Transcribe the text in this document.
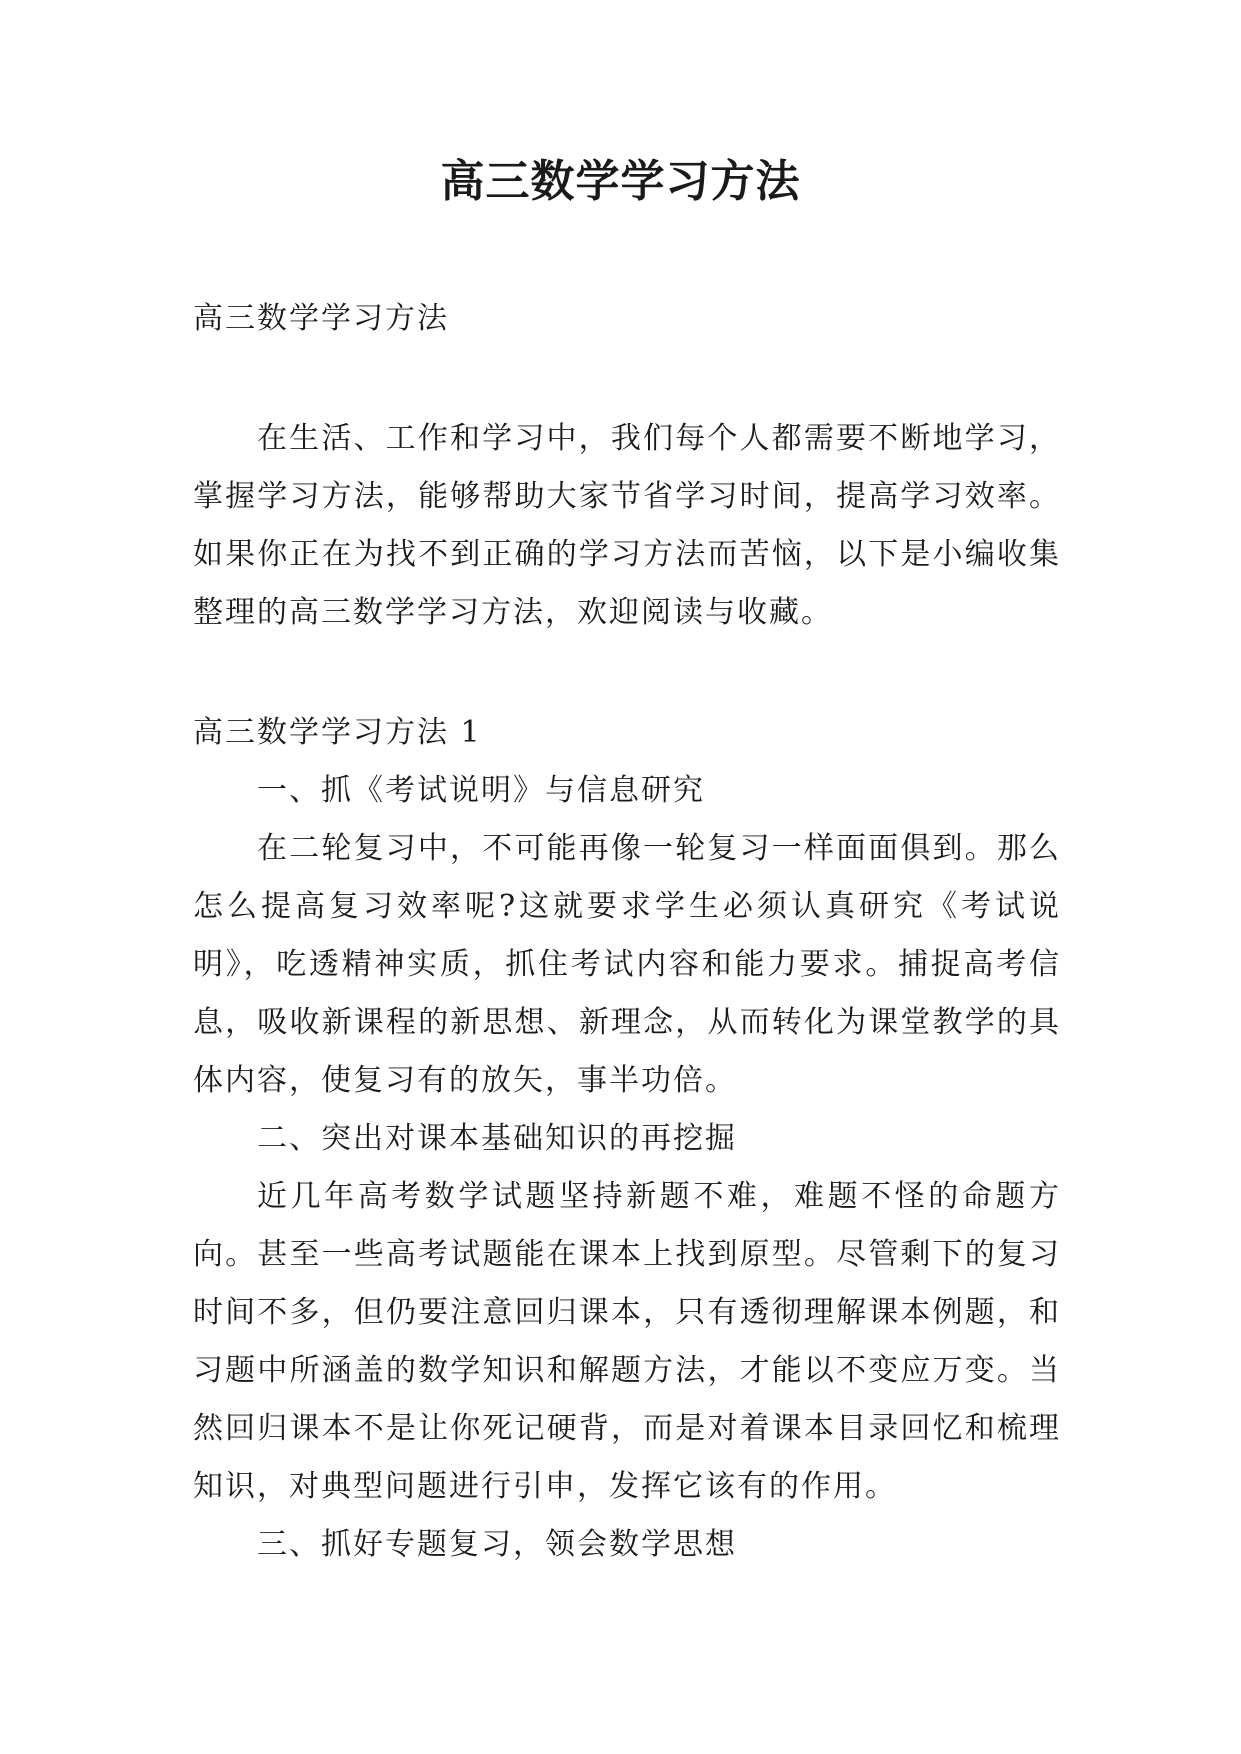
高三数学学习方法

高三数学学习方法

在生活、工作和学习中，我们每个人都需要不断地学习，掌握学习方法，能够帮助大家节省学习时间，提高学习效率。如果你正在为找不到正确的学习方法而苦恼，以下是小编收集整理的高三数学学习方法，欢迎阅读与收藏。

高三数学学习方法 1

一、抓《考试说明》与信息研究

在二轮复习中，不可能再像一轮复习一样面面俱到。那么怎么提高复习效率呢?这就要求学生必须认真研究《考试说明》，吃透精神实质，抓住考试内容和能力要求。捕捉高考信息，吸收新课程的新思想、新理念，从而转化为课堂教学的具体内容，使复习有的放矢，事半功倍。

二、突出对课本基础知识的再挖掘

近几年高考数学试题坚持新题不难，难题不怪的命题方向。甚至一些高考试题能在课本上找到原型。尽管剩下的复习时间不多，但仍要注意回归课本，只有透彻理解课本例题，和习题中所涵盖的数学知识和解题方法，才能以不变应万变。当然回归课本不是让你死记硬背，而是对着课本目录回忆和梳理知识，对典型问题进行引申，发挥它该有的作用。

三、抓好专题复习，领会数学思想
